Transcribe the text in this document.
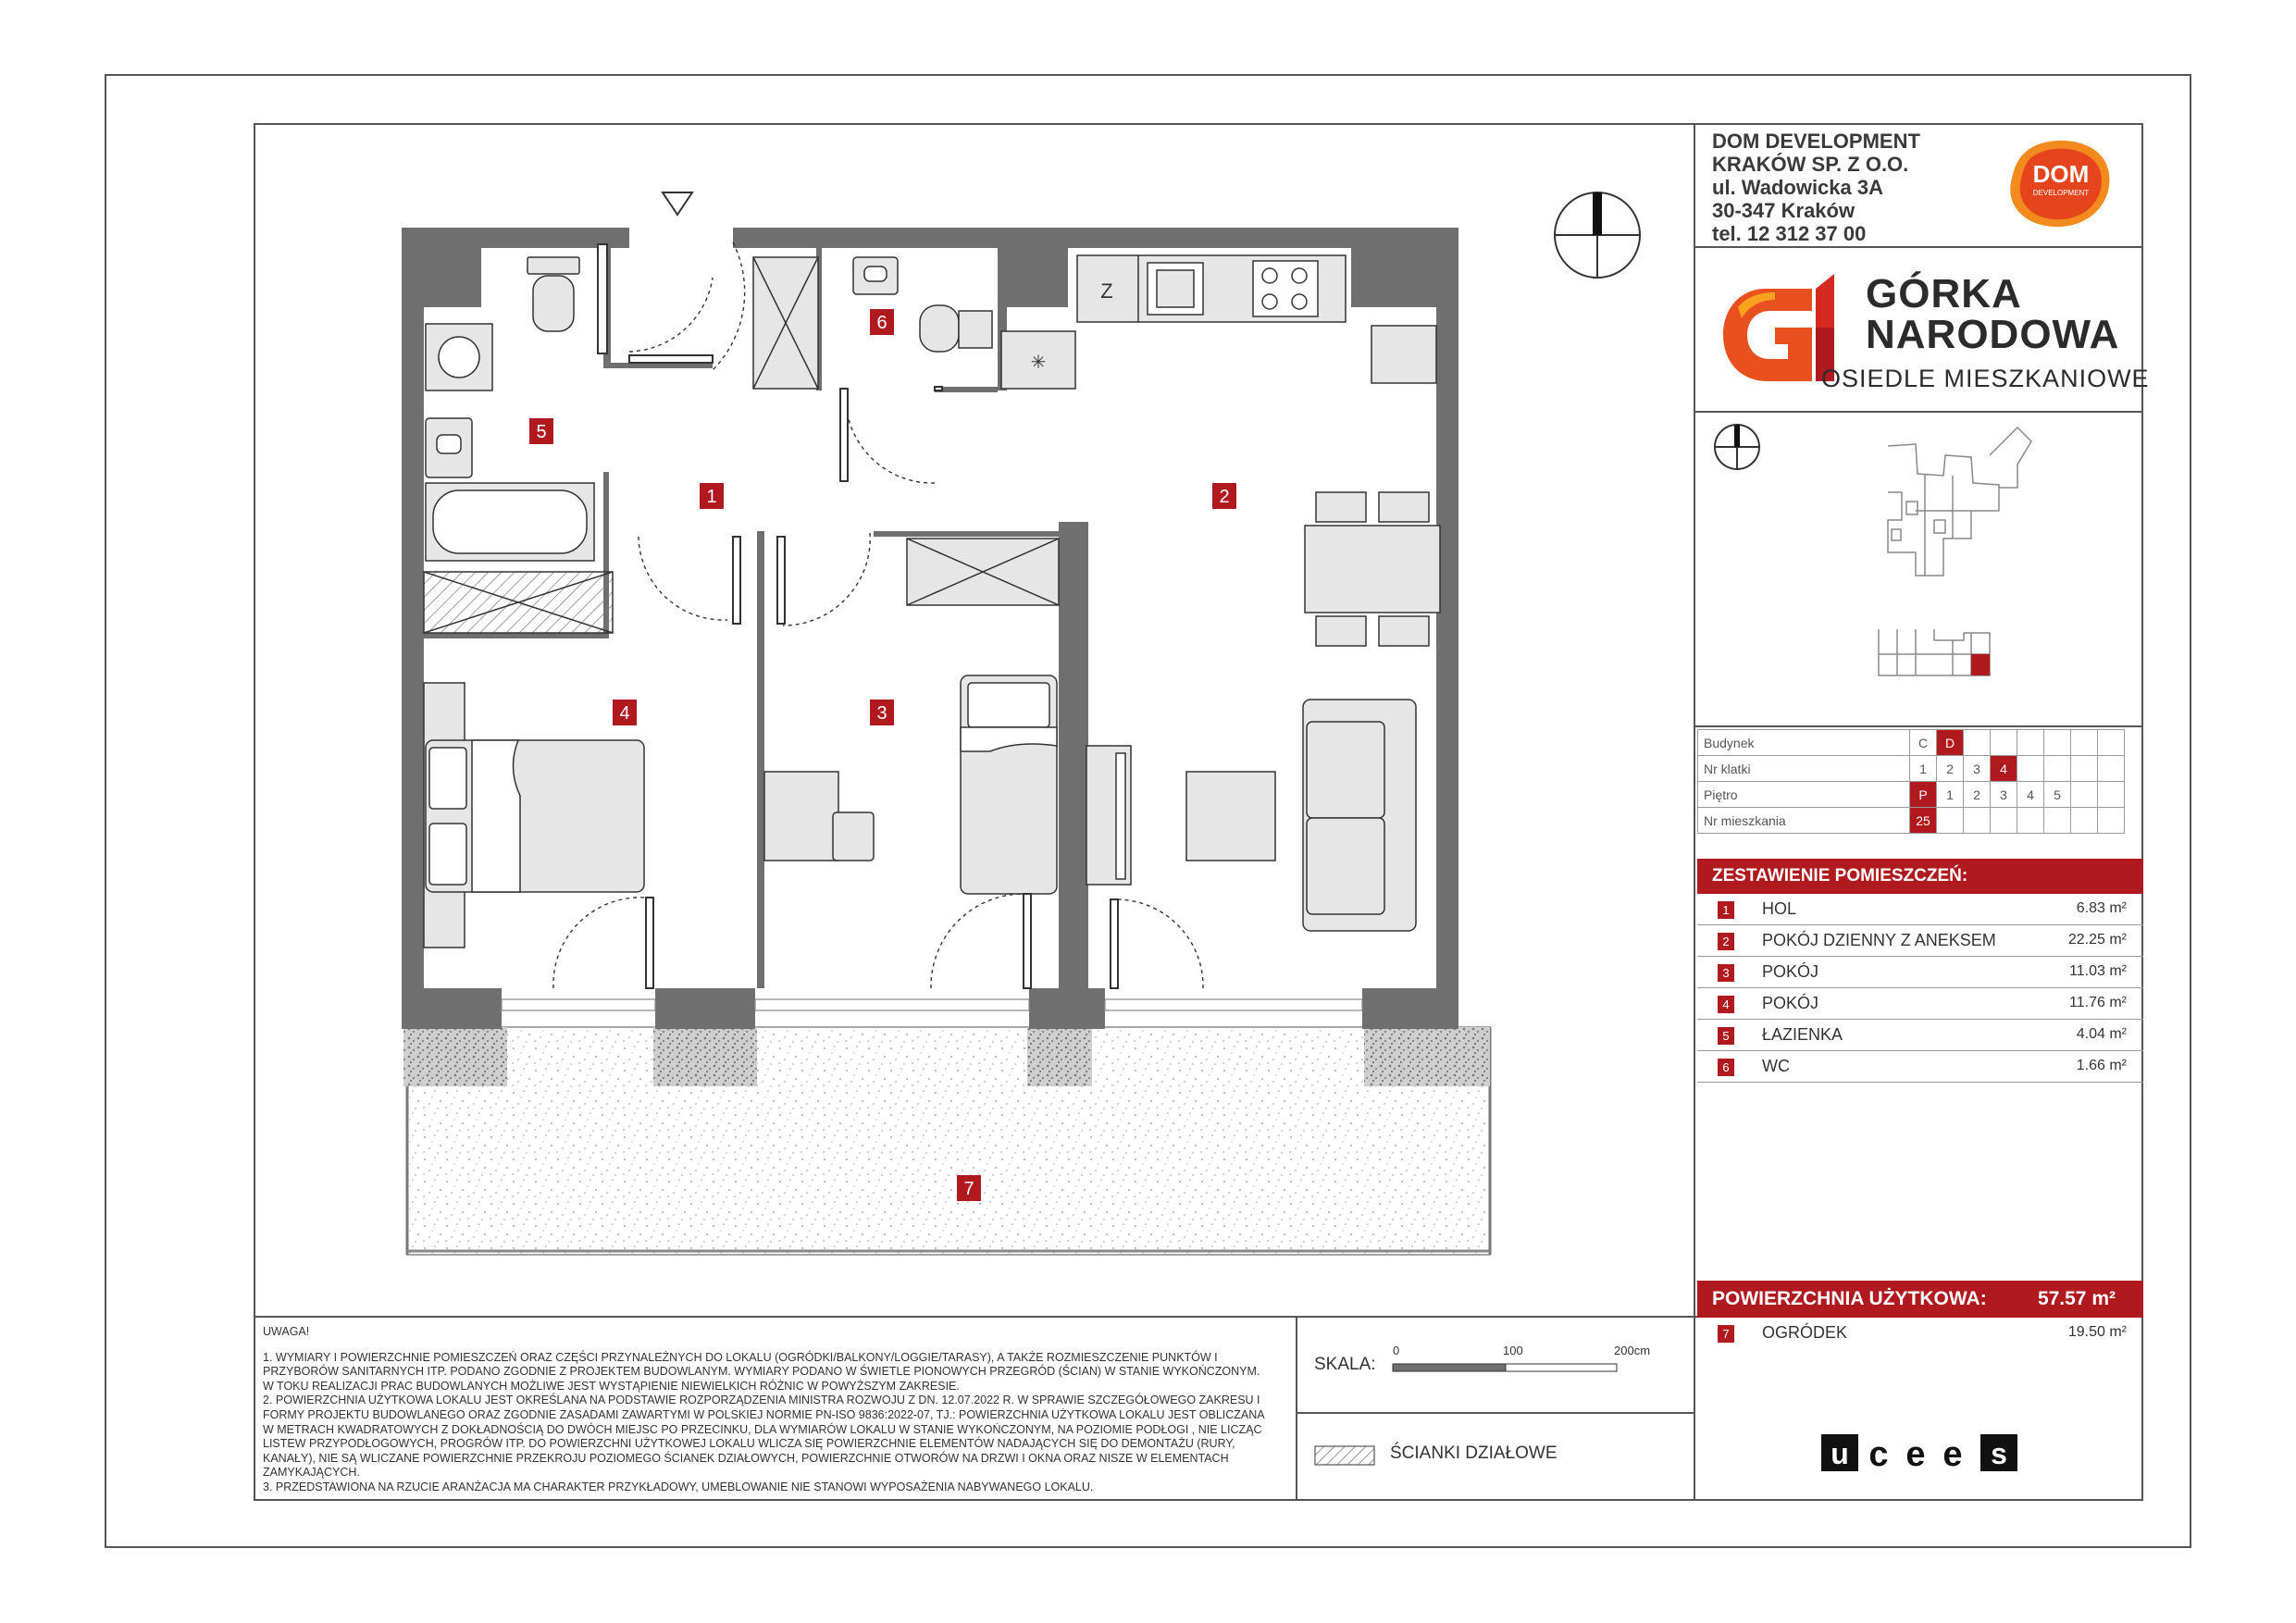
DOM DEVELOPMENT
KRAKÓW SP. Z O.O.
ul. Wadowicka 3A
30-347 Kraków
tel. 12 312 37 00
DOM
DEVELOPMENT
GÓRKA
NARODOWA
OSIEDLE MIESZKANIOWE
Budynek	C	D						
Nr klatki	1	2	3	4				
Piętro	P	1	2	3	4	5		
Nr mieszkania	25							
ZESTAWIENIE POMIESZCZEŃ:
1 HOL	6.83 m²
2 POKÓJ DZIENNY Z ANEKSEM	22.25 m²
3 POKÓJ	11.03 m²
4 POKÓJ	11.76 m²
5 ŁAZIENKA	4.04 m²
6 WC	1.66 m²
POWIERZCHNIA UŻYTKOWA:	57.57 m²
7 OGRÓDEK	19.50 m²

UWAGA!

1. WYMIARY I POWIERZCHNIE POMIESZCZEŃ ORAZ CZĘŚCI PRZYNALEŻNYCH DO LOKALU (OGRÓDKI/BALKONY/LOGGIE/TARASY), A TAKŻE ROZMIESZCZENIE PUNKTÓW I PRZYBORÓW SANITARNYCH ITP. PODANO ZGODNIE Z PROJEKTEM BUDOWLANYM. WYMIARY PODANO W ŚWIETLE PIONOWYCH PRZEGRÓD (ŚCIAN) W STANIE WYKOŃCZONYM. W TOKU REALIZACJI PRAC BUDOWLANYCH MOŻLIWE JEST WYSTĄPIENIE NIEWIELKICH RÓŻNIC W POWYŻSZYM ZAKRESIE.
2. POWIERZCHNIA UŻYTKOWA LOKALU JEST OKREŚLANA NA PODSTAWIE ROZPORZĄDZENIA MINISTRA ROZWOJU Z DN. 12.07.2022 R. W SPRAWIE SZCZEGÓŁOWEGO ZAKRESU I FORMY PROJEKTU BUDOWLANEGO ORAZ ZGODNIE ZASADAMI ZAWARTYMI W POLSKIEJ NORMIE PN-ISO 9836:2022-07, TJ.: POWIERZCHNIA UŻYTKOWA LOKALU JEST OBLICZANA W METRACH KWADRATOWYCH Z DOKŁADNOŚCIĄ DO DWÓCH MIEJSC PO PRZECINKU, DLA WYMIARÓW LOKALU W STANIE WYKOŃCZONYM, NA POZIOMIE PODŁOGI , NIE LICZĄC LISTEW PRZYPODŁOGOWYCH, PROGRÓW ITP. DO POWIERZCHNI UŻYTKOWEJ LOKALU WLICZA SIĘ POWIERZCHNIE ELEMENTÓW NADAJĄCYCH SIĘ DO DEMONTAŻU (RURY, KANAŁY), NIE SĄ WLICZANE POWIERZCHNIE PRZEKROJU POZIOMEGO ŚCIANEK DZIAŁOWYCH, POWIERZCHNIE OTWORÓW NA DRZWI I OKNA ORAZ NISZE W ELEMENTACH ZAMYKAJĄCYCH.
3. PRZEDSTAWIONA NA RZUCIE ARANŻACJA MA CHARAKTER PRZYKŁADOWY, UMEBLOWANIE NIE STANOWI WYPOSAŻENIA NABYWANEGO LOKALU.
SKALA:
0	100	200cm
ŚCIANKI DZIAŁOWE	u c e e s
✳
Z
1	2
3
4
5
6
7
